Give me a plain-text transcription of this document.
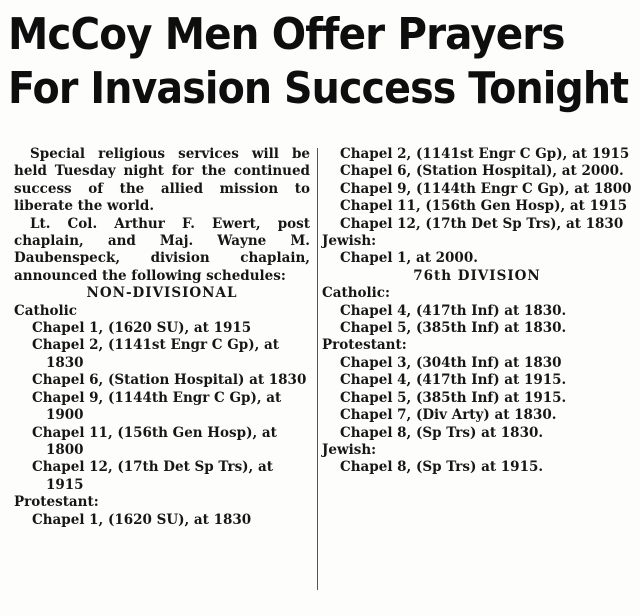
McCoy Men Offer Prayers
For Invasion Success Tonight
Special religious services will be held Tuesday night for the continued success of the allied mission to liberate the world.
Lt. Col. Arthur F. Ewert, post chaplain, and Maj. Wayne M. Daubenspeck, division chaplain, announced the following schedules:
NON-DIVISIONAL
Catholic
Chapel 1, (1620 SU), at 1915
Chapel 2, (1141st Engr C Gp), at 1830
Chapel 6, (Station Hospital) at 1830
Chapel 9, (1144th Engr C Gp), at 1900
Chapel 11, (156th Gen Hosp), at 1800
Chapel 12, (17th Det Sp Trs), at 1915
Protestant:
Chapel 1, (1620 SU), at 1830
Chapel 2, (1141st Engr C Gp), at 1915
Chapel 6, (Station Hospital), at 2000.
Chapel 9, (1144th Engr C Gp), at 1800
Chapel 11, (156th Gen Hosp), at 1915
Chapel 12, (17th Det Sp Trs), at 1830
Jewish:
Chapel 1, at 2000.
76th DIVISION
Catholic:
Chapel 4, (417th Inf) at 1830.
Chapel 5, (385th Inf) at 1830.
Protestant:
Chapel 3, (304th Inf) at 1830
Chapel 4, (417th Inf) at 1915.
Chapel 5, (385th Inf) at 1915.
Chapel 7, (Div Arty) at 1830.
Chapel 8, (Sp Trs) at 1830.
Jewish:
Chapel 8, (Sp Trs) at 1915.
